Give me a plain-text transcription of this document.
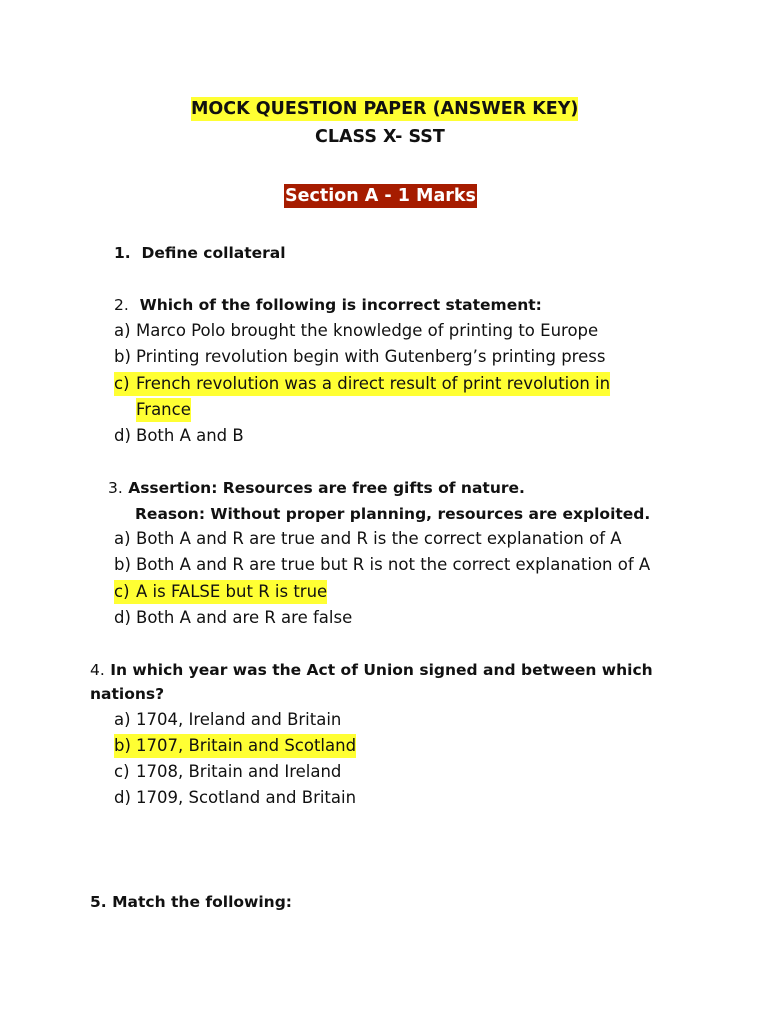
MOCK QUESTION PAPER (ANSWER KEY)
CLASS X- SST
Section A - 1 Marks
1. Define collateral
2. Which of the following is incorrect statement:
a) Marco Polo brought the knowledge of printing to Europe
b) Printing revolution begin with Gutenberg’s printing press
c) French revolution was a direct result of print revolution in
France
d) Both A and B
3. Assertion: Resources are free gifts of nature.
Reason: Without proper planning, resources are exploited.
a) Both A and R are true and R is the correct explanation of A
b) Both A and R are true but R is not the correct explanation of A
c) A is FALSE but R is true
d) Both A and are R are false
4. In which year was the Act of Union signed and between which
nations?
a) 1704, Ireland and Britain
b) 1707, Britain and Scotland
c) 1708, Britain and Ireland
d) 1709, Scotland and Britain
5. Match the following:
